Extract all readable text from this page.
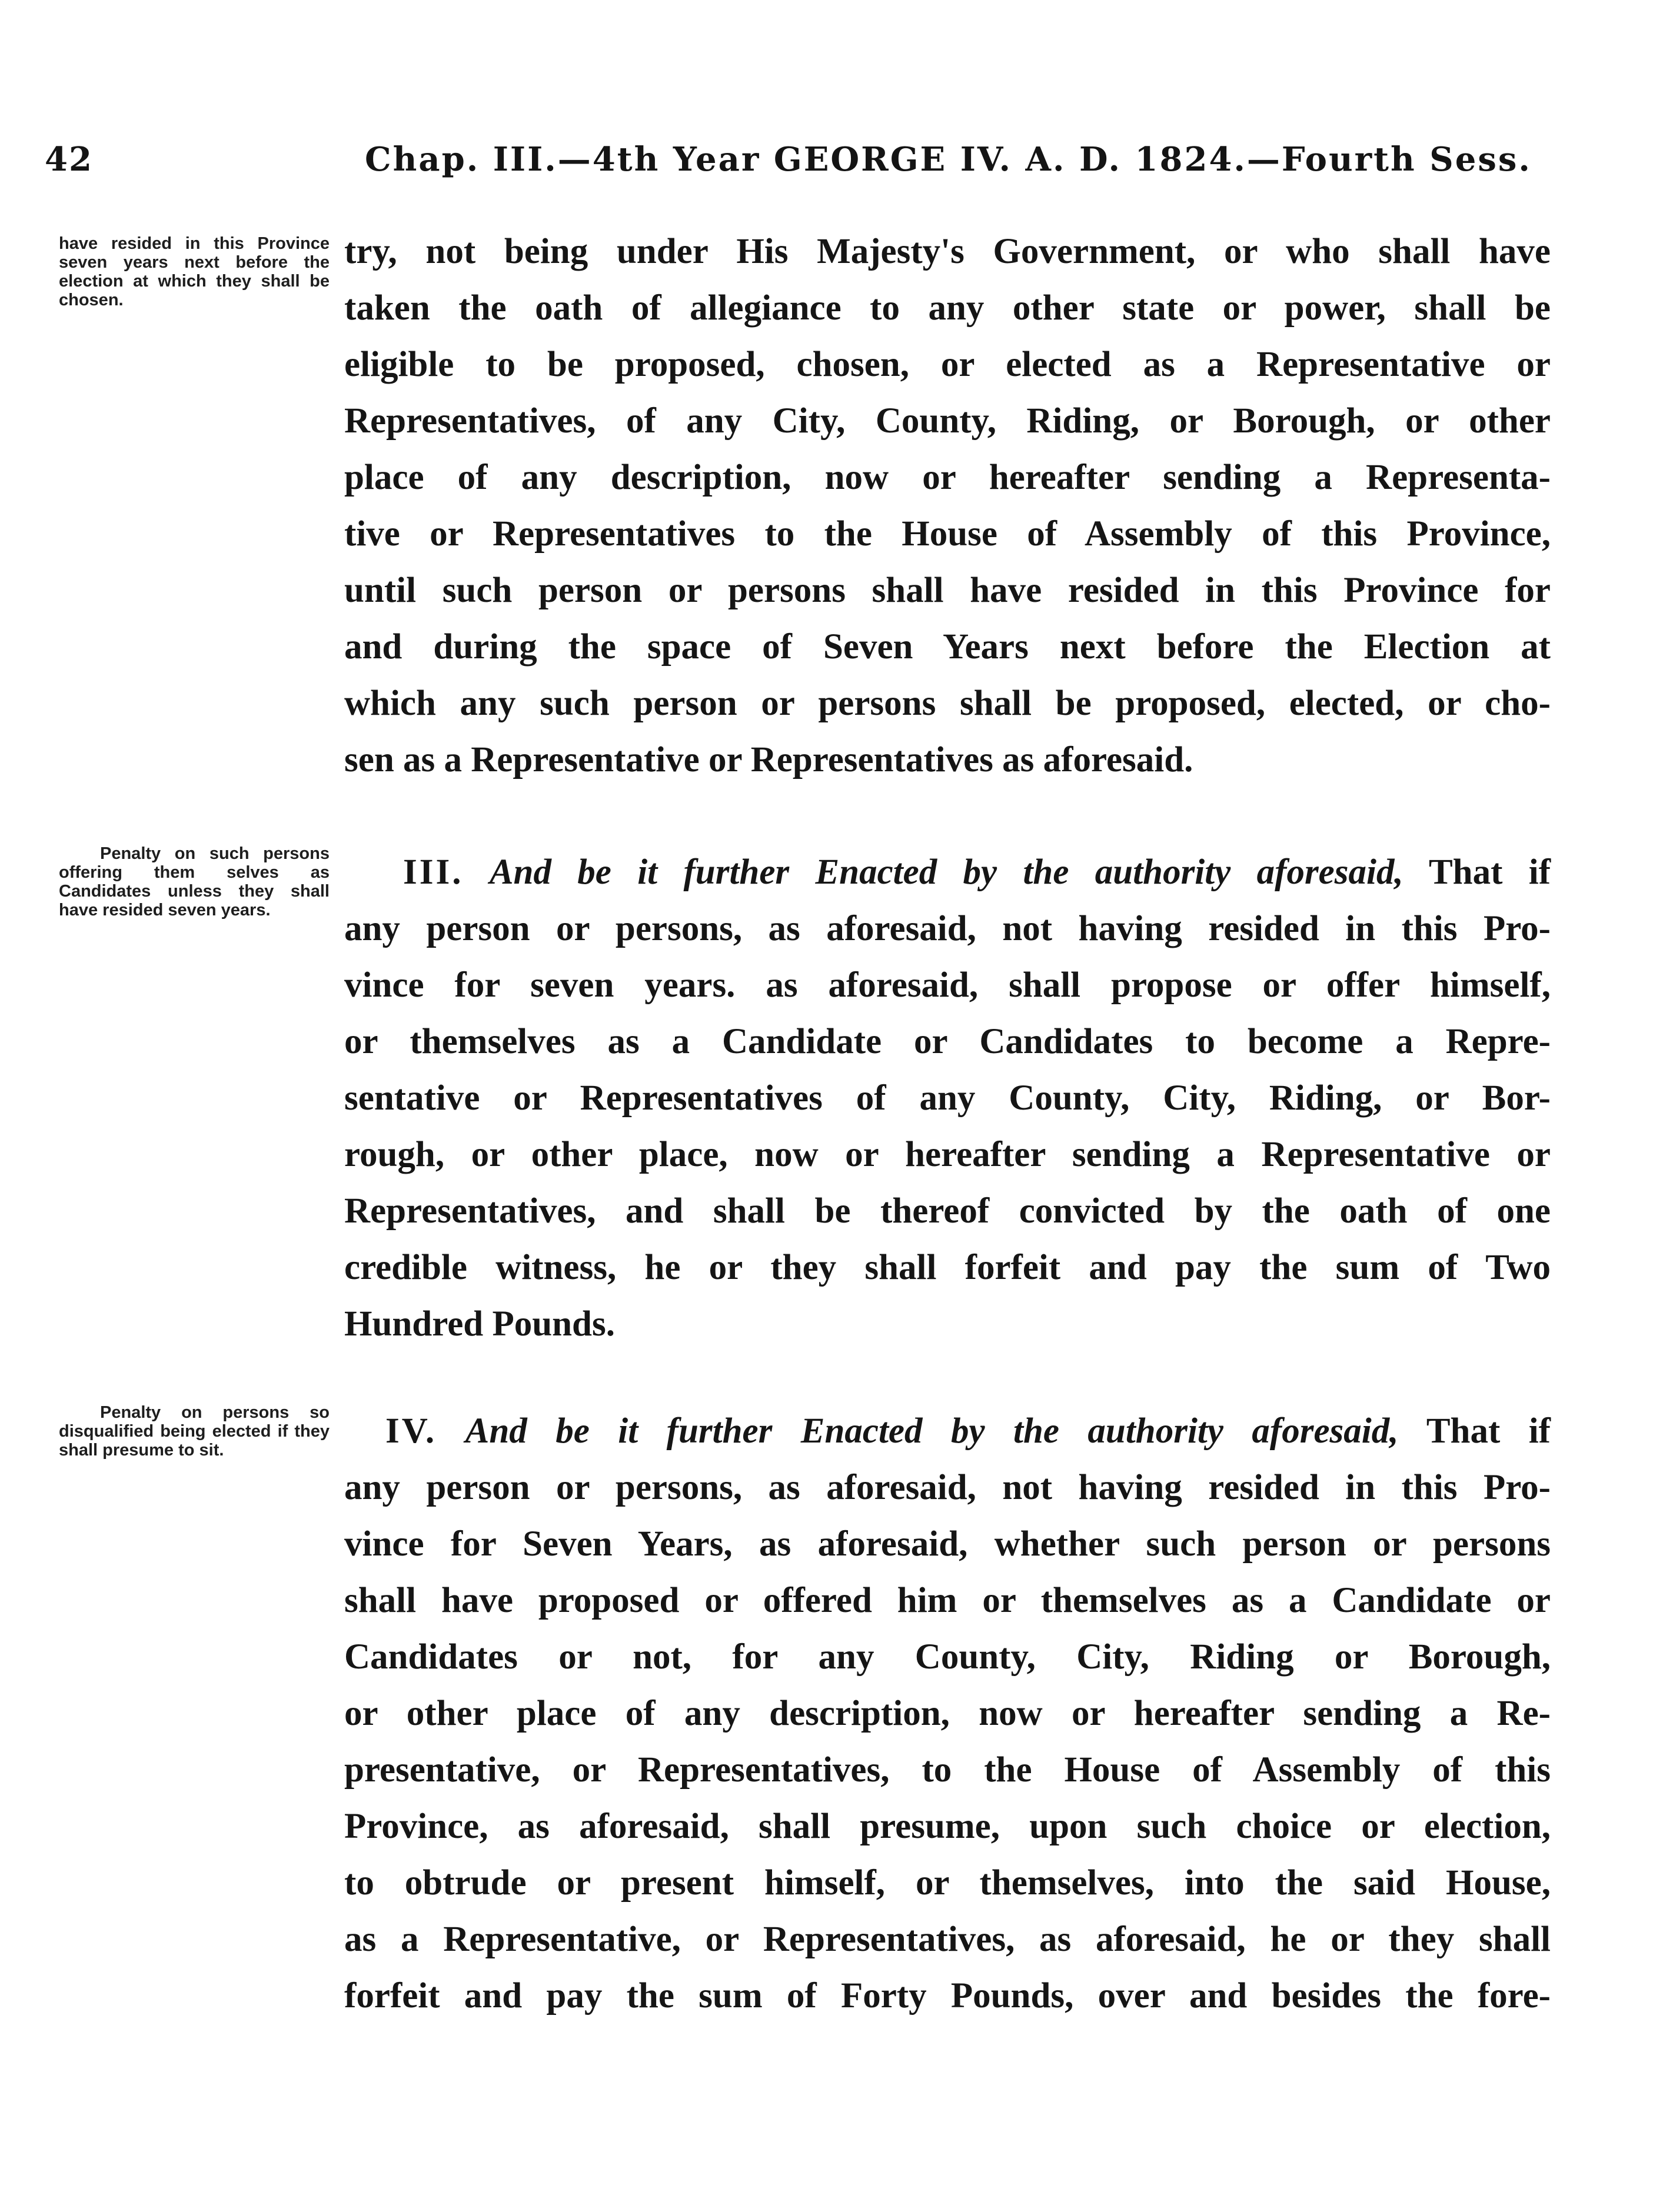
42	Chap. III.—4th Year GEORGE IV. A. D. 1824.—Fourth Sess.
have resided in this Province seven years next before the election at which they shall be chosen.
try, not being under His Majesty's Government, or who shall have
taken the oath of allegiance to any other state or power, shall be
eligible to be proposed, chosen, or elected as a Representative or
Representatives, of any City, County, Riding, or Borough, or other
place of any description, now or hereafter sending a Representa-
tive or Representatives to the House of Assembly of this Province,
until such person or persons shall have resided in this Province for
and during the space of Seven Years next before the Election at
which any such person or persons shall be proposed, elected, or cho-
sen as a Representative or Representatives as aforesaid.
Penalty on such persons offering them selves as Candidates unless they shall have resided seven years.
III. And be it further Enacted by the authority aforesaid, That if
any person or persons, as aforesaid, not having resided in this Pro-
vince for seven years. as aforesaid, shall propose or offer himself,
or themselves as a Candidate or Candidates to become a Repre-
sentative or Representatives of any County, City, Riding, or Bor-
rough, or other place, now or hereafter sending a Representative or
Representatives, and shall be thereof convicted by the oath of one
credible witness, he or they shall forfeit and pay the sum of Two
Hundred Pounds.
Penalty on persons so disqualified being elected if they shall presume to sit.	IV. And be it further Enacted by the authority aforesaid, That if
any person or persons, as aforesaid, not having resided in this Pro-
vince for Seven Years, as aforesaid, whether such person or persons
shall have proposed or offered him or themselves as a Candidate or
Candidates or not, for any County, City, Riding or Borough,
or other place of any description, now or hereafter sending a Re-
presentative, or Representatives, to the House of Assembly of this
Province, as aforesaid, shall presume, upon such choice or election,
to obtrude or present himself, or themselves, into the said House,
as a Representative, or Representatives, as aforesaid, he or they shall
forfeit and pay the sum of Forty Pounds, over and besides the fore-
